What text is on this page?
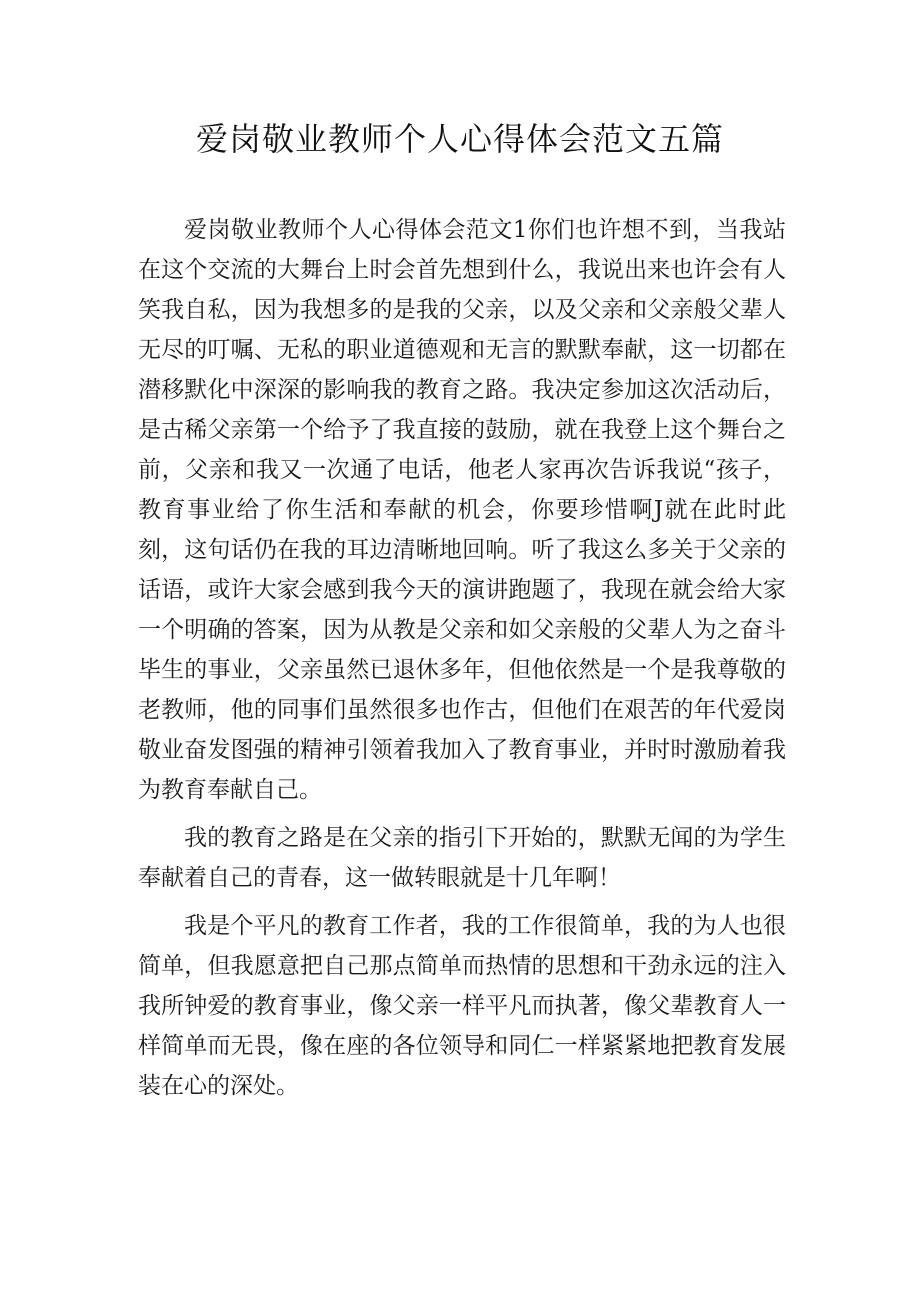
爱岗敬业教师个人心得体会范文五篇

爱岗敬业教师个人心得体会范文1你们也许想不到，当我站在这个交流的大舞台上时会首先想到什么，我说出来也许会有人笑我自私，因为我想多的是我的父亲，以及父亲和父亲般父辈人无尽的叮嘱、无私的职业道德观和无言的默默奉献，这一切都在潜移默化中深深的影响我的教育之路。我决定参加这次活动后，是古稀父亲第一个给予了我直接的鼓励，就在我登上这个舞台之前，父亲和我又一次通了电话，他老人家再次告诉我说“孩子，教育事业给了你生活和奉献的机会，你要珍惜啊J就在此时此刻，这句话仍在我的耳边清晰地回响。听了我这么多关于父亲的话语，或许大家会感到我今天的演讲跑题了，我现在就会给大家一个明确的答案，因为从教是父亲和如父亲般的父辈人为之奋斗毕生的事业，父亲虽然已退休多年，但他依然是一个是我尊敬的老教师，他的同事们虽然很多也作古，但他们在艰苦的年代爱岗敬业奋发图强的精神引领着我加入了教育事业，并时时激励着我为教育奉献自己。

我的教育之路是在父亲的指引下开始的，默默无闻的为学生奉献着自己的青春，这一做转眼就是十几年啊！

我是个平凡的教育工作者，我的工作很简单，我的为人也很简单，但我愿意把自己那点简单而热情的思想和干劲永远的注入我所钟爱的教育事业，像父亲一样平凡而执著，像父辈教育人一样简单而无畏，像在座的各位领导和同仁一样紧紧地把教育发展装在心的深处。
